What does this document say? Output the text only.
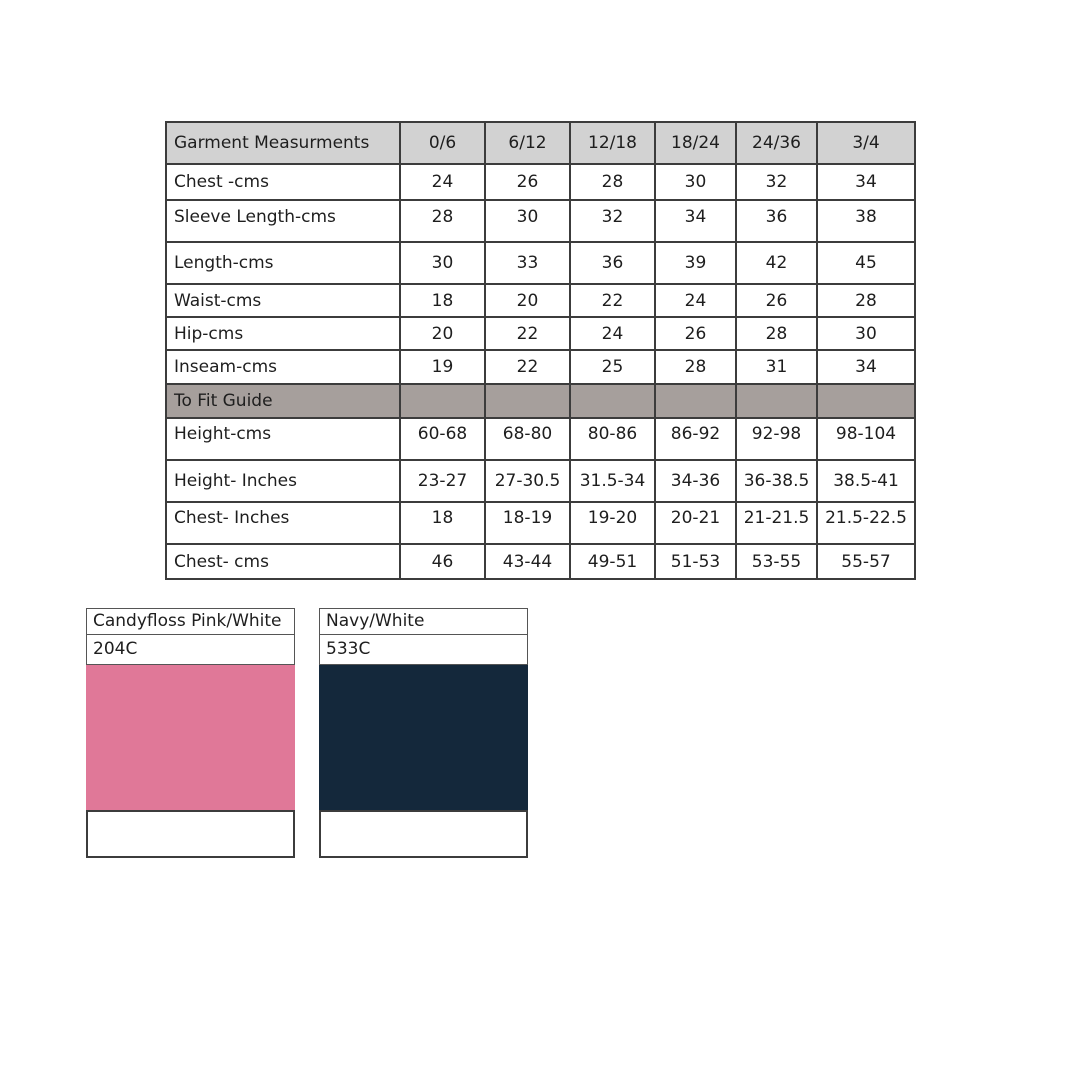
Garment Measurments	0/6	6/12	12/18	18/24	24/36	3/4
Chest -cms	24	26	28	30	32	34
Sleeve Length-cms	28	30	32	34	36	38
Length-cms	30	33	36	39	42	45
Waist-cms	18	20	22	24	26	28
Hip-cms	20	22	24	26	28	30
Inseam-cms	19	22	25	28	31	34
To Fit Guide						
Height-cms	60-68	68-80	80-86	86-92	92-98	98-104
Height- Inches	23-27	27-30.5	31.5-34	34-36	36-38.5	38.5-41
Chest- Inches	18	18-19	19-20	20-21	21-21.5	21.5-22.5
Chest- cms	46	43-44	49-51	51-53	53-55	55-57
Candyfloss Pink/White
204C
Navy/White
533C
